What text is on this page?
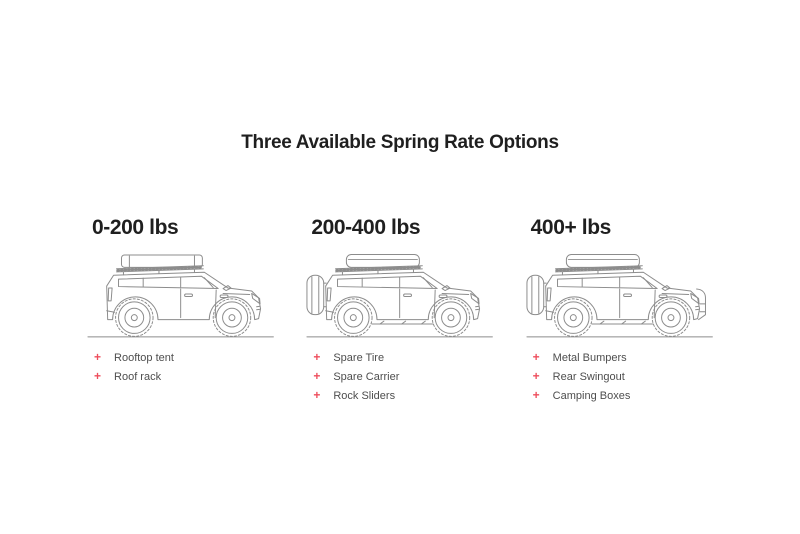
Three Available Spring Rate Options
0-200 lbs
+ Rooftop tent
+ Roof rack
200-400 lbs
+ Spare Tire
+ Spare Carrier
+ Rock Sliders
400+ lbs
+ Metal Bumpers
+ Rear Swingout
+ Camping Boxes
